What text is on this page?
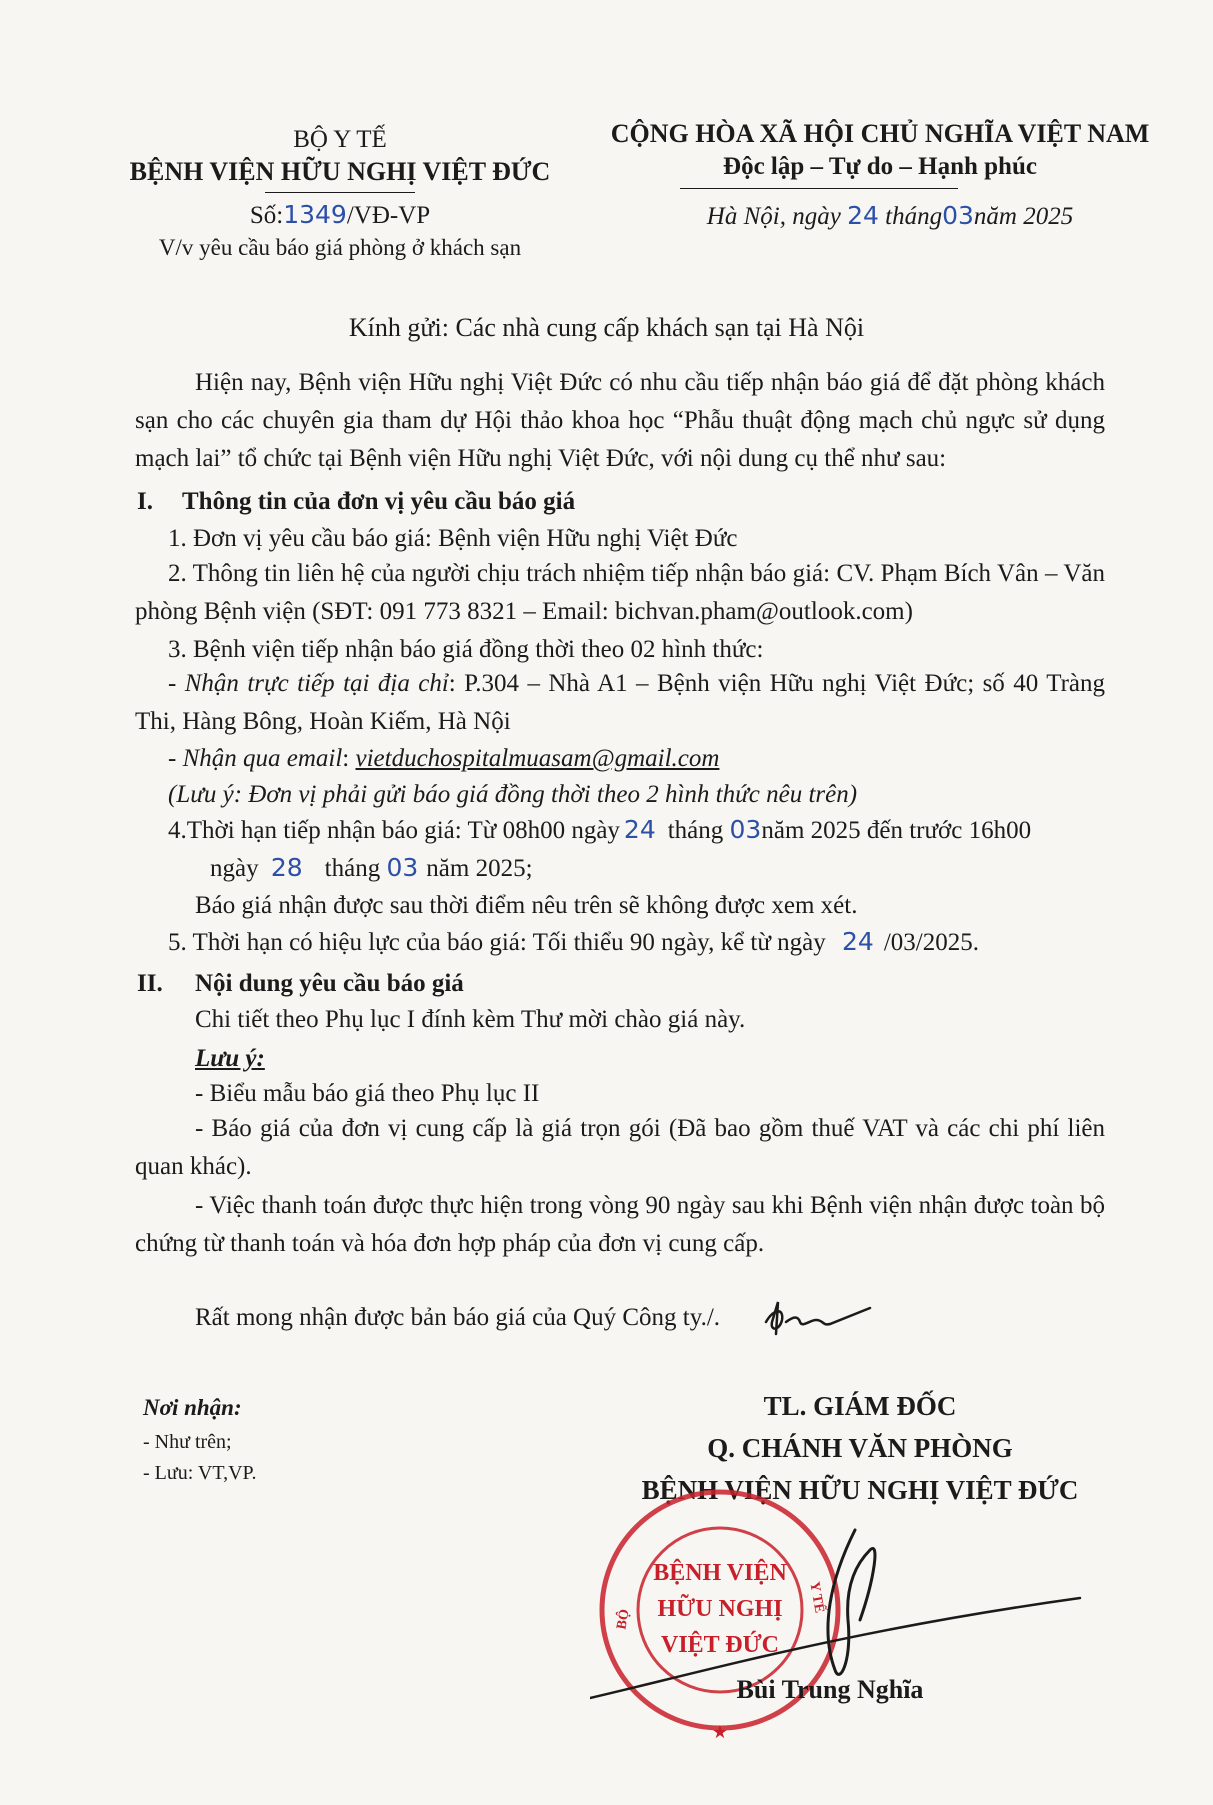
BỘ Y TẾ
BỆNH VIỆN HỮU NGHỊ VIỆT ĐỨC
Số:1349/VĐ-VP
V/v yêu cầu báo giá phòng ở khách sạn
CỘNG HÒA XÃ HỘI CHỦ NGHĨA VIỆT NAM
Độc lập – Tự do – Hạnh phúc
Hà Nội, ngày 24 tháng03năm 2025
Kính gửi: Các nhà cung cấp khách sạn tại Hà Nội
Hiện nay, Bệnh viện Hữu nghị Việt Đức có nhu cầu tiếp nhận báo giá để đặt phòng khách sạn cho các chuyên gia tham dự Hội thảo khoa học “Phẫu thuật động mạch chủ ngực sử dụng mạch lai” tổ chức tại Bệnh viện Hữu nghị Việt Đức, với nội dung cụ thể như sau:
I. Thông tin của đơn vị yêu cầu báo giá
1. Đơn vị yêu cầu báo giá: Bệnh viện Hữu nghị Việt Đức
2. Thông tin liên hệ của người chịu trách nhiệm tiếp nhận báo giá: CV. Phạm Bích Vân – Văn phòng Bệnh viện (SĐT: 091 773 8321 – Email: bichvan.pham@outlook.com)
3. Bệnh viện tiếp nhận báo giá đồng thời theo 02 hình thức:
- Nhận trực tiếp tại địa chỉ: P.304 – Nhà A1 – Bệnh viện Hữu nghị Việt Đức; số 40 Tràng Thi, Hàng Bông, Hoàn Kiếm, Hà Nội
- Nhận qua email: vietduchospitalmuasam@gmail.com
(Lưu ý: Đơn vị phải gửi báo giá đồng thời theo 2 hình thức nêu trên)
4.Thời hạn tiếp nhận báo giá: Từ 08h00 ngày 24 tháng 03năm 2025 đến trước 16h00
ngày 28 tháng 03 năm 2025;
Báo giá nhận được sau thời điểm nêu trên sẽ không được xem xét.
5. Thời hạn có hiệu lực của báo giá: Tối thiểu 90 ngày, kể từ ngày 24 /03/2025.
II. Nội dung yêu cầu báo giá
Chi tiết theo Phụ lục I đính kèm Thư mời chào giá này.
Lưu ý:
- Biểu mẫu báo giá theo Phụ lục II
- Báo giá của đơn vị cung cấp là giá trọn gói (Đã bao gồm thuế VAT và các chi phí liên quan khác).
- Việc thanh toán được thực hiện trong vòng 90 ngày sau khi Bệnh viện nhận được toàn bộ chứng từ thanh toán và hóa đơn hợp pháp của đơn vị cung cấp.
Rất mong nhận được bản báo giá của Quý Công ty./.
Nơi nhận:
- Như trên;
- Lưu: VT,VP.
TL. GIÁM ĐỐC
Q. CHÁNH VĂN PHÒNG
BỆNH VIỆN HỮU NGHỊ VIỆT ĐỨC
BỆNH VIỆN
HỮU NGHỊ
VIỆT ĐỨC
BỘ
Y TẾ
★
Bùi Trung Nghĩa
